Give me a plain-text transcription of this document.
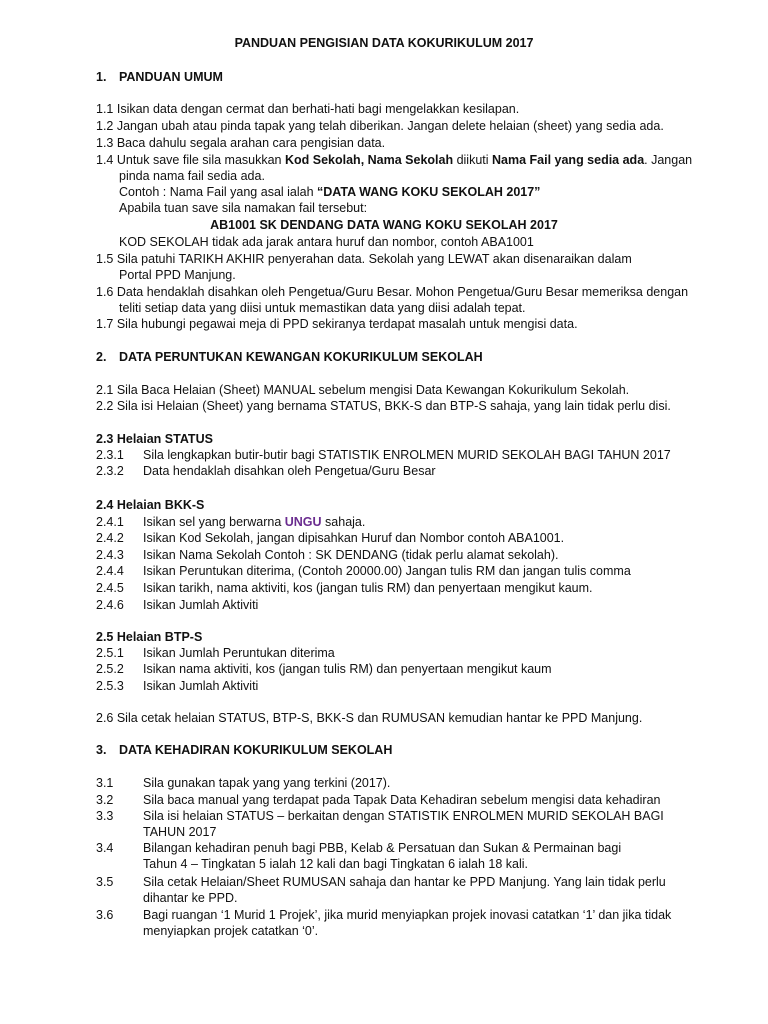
PANDUAN PENGISIAN DATA KOKURIKULUM 2017
1. PANDUAN UMUM
1.1 Isikan data dengan cermat dan berhati-hati bagi mengelakkan kesilapan.
1.2 Jangan ubah atau pinda tapak yang telah diberikan. Jangan delete helaian (sheet) yang sedia ada.
1.3 Baca dahulu segala arahan cara pengisian data.
1.4 Untuk save file sila masukkan Kod Sekolah, Nama Sekolah diikuti Nama Fail yang sedia ada. Jangan
pinda nama fail sedia ada.
Contoh : Nama Fail yang asal ialah “DATA WANG KOKU SEKOLAH 2017”
Apabila tuan save sila namakan fail tersebut:
AB1001 SK DENDANG DATA WANG KOKU SEKOLAH 2017
KOD SEKOLAH tidak ada jarak antara huruf dan nombor, contoh ABA1001
1.5 Sila patuhi TARIKH AKHIR penyerahan data. Sekolah yang LEWAT akan disenaraikan dalam
Portal PPD Manjung.
1.6 Data hendaklah disahkan oleh Pengetua/Guru Besar. Mohon Pengetua/Guru Besar memeriksa dengan
teliti setiap data yang diisi untuk memastikan data yang diisi adalah tepat.
1.7 Sila hubungi pegawai meja di PPD sekiranya terdapat masalah untuk mengisi data.
2. DATA PERUNTUKAN KEWANGAN KOKURIKULUM SEKOLAH
2.1 Sila Baca Helaian (Sheet) MANUAL sebelum mengisi Data Kewangan Kokurikulum Sekolah.
2.2 Sila isi Helaian (Sheet) yang bernama STATUS, BKK-S dan BTP-S sahaja, yang lain tidak perlu disi.
2.3 Helaian STATUS
2.3.1 Sila lengkapkan butir-butir bagi STATISTIK ENROLMEN MURID SEKOLAH BAGI TAHUN 2017
2.3.2 Data hendaklah disahkan oleh Pengetua/Guru Besar
2.4 Helaian BKK-S
2.4.1 Isikan sel yang berwarna UNGU sahaja.
2.4.2 Isikan Kod Sekolah, jangan dipisahkan Huruf dan Nombor contoh ABA1001.
2.4.3 Isikan Nama Sekolah Contoh : SK DENDANG (tidak perlu alamat sekolah).
2.4.4 Isikan Peruntukan diterima, (Contoh 20000.00) Jangan tulis RM dan jangan tulis comma
2.4.5 Isikan tarikh, nama aktiviti, kos (jangan tulis RM) dan penyertaan mengikut kaum.
2.4.6 Isikan Jumlah Aktiviti
2.5 Helaian BTP-S
2.5.1 Isikan Jumlah Peruntukan diterima
2.5.2 Isikan nama aktiviti, kos (jangan tulis RM) dan penyertaan mengikut kaum
2.5.3 Isikan Jumlah Aktiviti
2.6 Sila cetak helaian STATUS, BTP-S, BKK-S dan RUMUSAN kemudian hantar ke PPD Manjung.
3. DATA KEHADIRAN KOKURIKULUM SEKOLAH
3.1 Sila gunakan tapak yang yang terkini (2017).
3.2 Sila baca manual yang terdapat pada Tapak Data Kehadiran sebelum mengisi data kehadiran
3.3 Sila isi helaian STATUS – berkaitan dengan STATISTIK ENROLMEN MURID SEKOLAH BAGI
TAHUN 2017
3.4 Bilangan kehadiran penuh bagi PBB, Kelab & Persatuan dan Sukan & Permainan bagi
Tahun 4 – Tingkatan 5 ialah 12 kali dan bagi Tingkatan 6 ialah 18 kali.
3.5 Sila cetak Helaian/Sheet RUMUSAN sahaja dan hantar ke PPD Manjung. Yang lain tidak perlu
dihantar ke PPD.
3.6 Bagi ruangan ‘1 Murid 1 Projek’, jika murid menyiapkan projek inovasi catatkan ‘1’ dan jika tidak
menyiapkan projek catatkan ‘0’.
